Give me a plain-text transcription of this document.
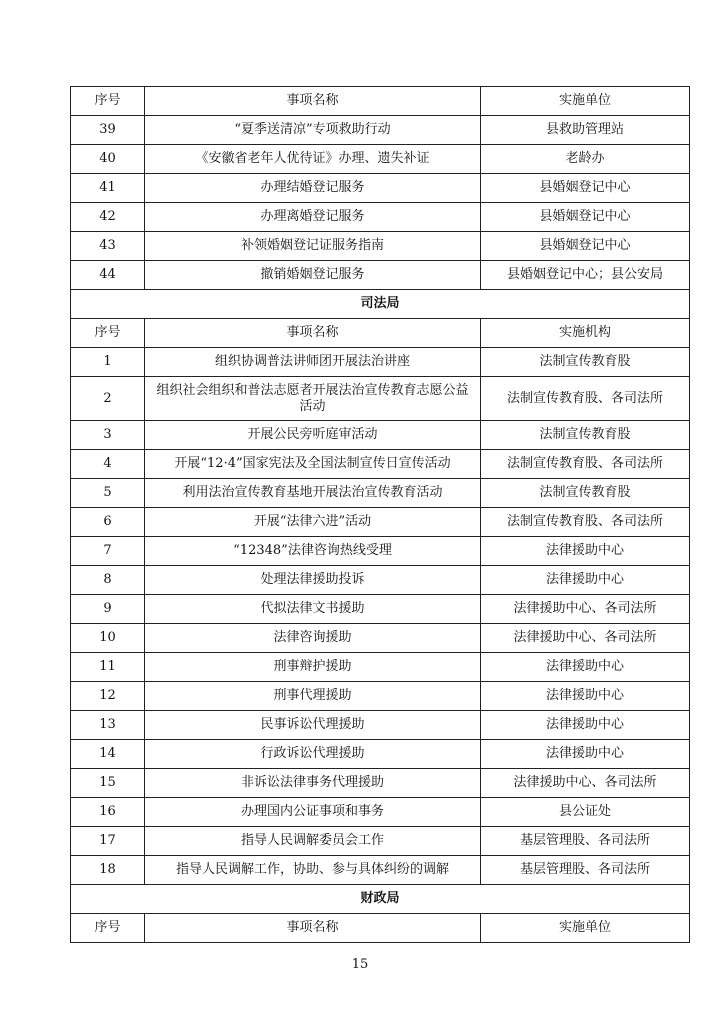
序号	事项名称	实施单位
39	“夏季送清凉”专项救助行动	县救助管理站
40	《安徽省老年人优待证》办理、遗失补证	老龄办
41	办理结婚登记服务	县婚姻登记中心
42	办理离婚登记服务	县婚姻登记中心
43	补领婚姻登记证服务指南	县婚姻登记中心
44	撤销婚姻登记服务	县婚姻登记中心；县公安局
司法局		
序号	事项名称	实施机构
1	组织协调普法讲师团开展法治讲座	法制宣传教育股
2	组织社会组织和普法志愿者开展法治宣传教育志愿公益活动	法制宣传教育股、各司法所
3	开展公民旁听庭审活动	法制宣传教育股
4	开展“12·4”国家宪法及全国法制宣传日宣传活动	法制宣传教育股、各司法所
5	利用法治宣传教育基地开展法治宣传教育活动	法制宣传教育股
6	开展“法律六进”活动	法制宣传教育股、各司法所
7	“12348”法律咨询热线受理	法律援助中心
8	处理法律援助投诉	法律援助中心
9	代拟法律文书援助	法律援助中心、各司法所
10	法律咨询援助	法律援助中心、各司法所
11	刑事辩护援助	法律援助中心
12	刑事代理援助	法律援助中心
13	民事诉讼代理援助	法律援助中心
14	行政诉讼代理援助	法律援助中心
15	非诉讼法律事务代理援助	法律援助中心、各司法所
16	办理国内公证事项和事务	县公证处
17	指导人民调解委员会工作	基层管理股、各司法所
18	指导人民调解工作，协助、参与具体纠纷的调解	基层管理股、各司法所
财政局		
序号	事项名称	实施单位
15
